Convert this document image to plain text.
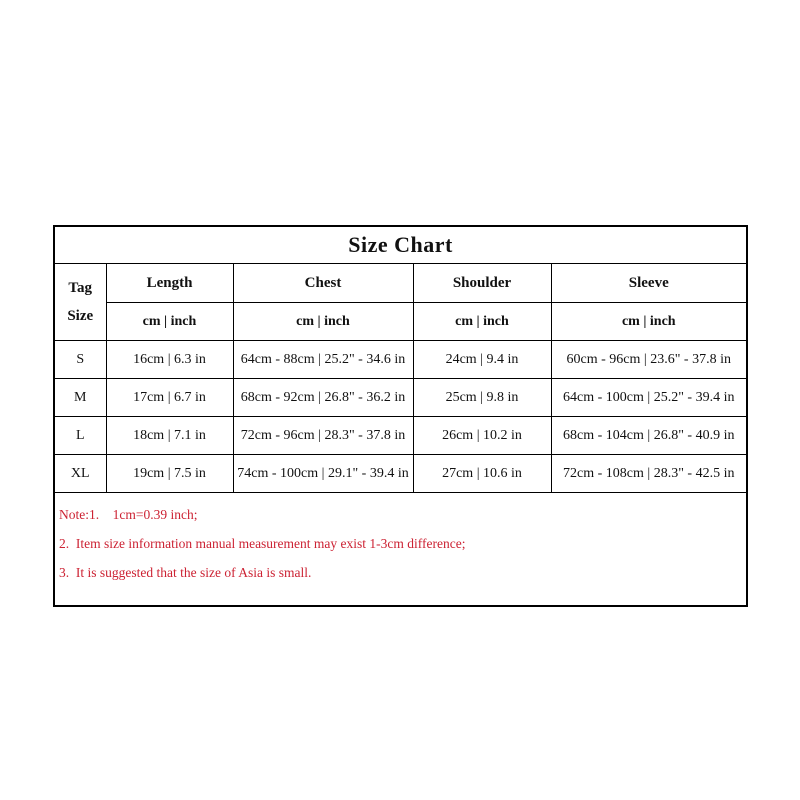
Size Chart				

Tag
Size	Length	Chest	Shoulder	Sleeve
	cm | inch	cm | inch	cm | inch	cm | inch
S	16cm | 6.3 in	64cm - 88cm | 25.2" - 34.6 in	24cm | 9.4 in	60cm - 96cm | 23.6" - 37.8 in
M	17cm | 6.7 in	68cm - 92cm | 26.8" - 36.2 in	25cm | 9.8 in	64cm - 100cm | 25.2" - 39.4 in
L	18cm | 7.1 in	72cm - 96cm | 28.3" - 37.8 in	26cm | 10.2 in	68cm - 104cm | 26.8" - 40.9 in
XL	19cm | 7.5 in	74cm - 100cm | 29.1" - 39.4 in	27cm | 10.6 in	72cm - 108cm | 28.3" - 42.5 in

Note:1.    1cm=0.39 inch;
2.  Item size information manual measurement may exist 1-3cm difference;
3.  It is suggested that the size of Asia is small.				
